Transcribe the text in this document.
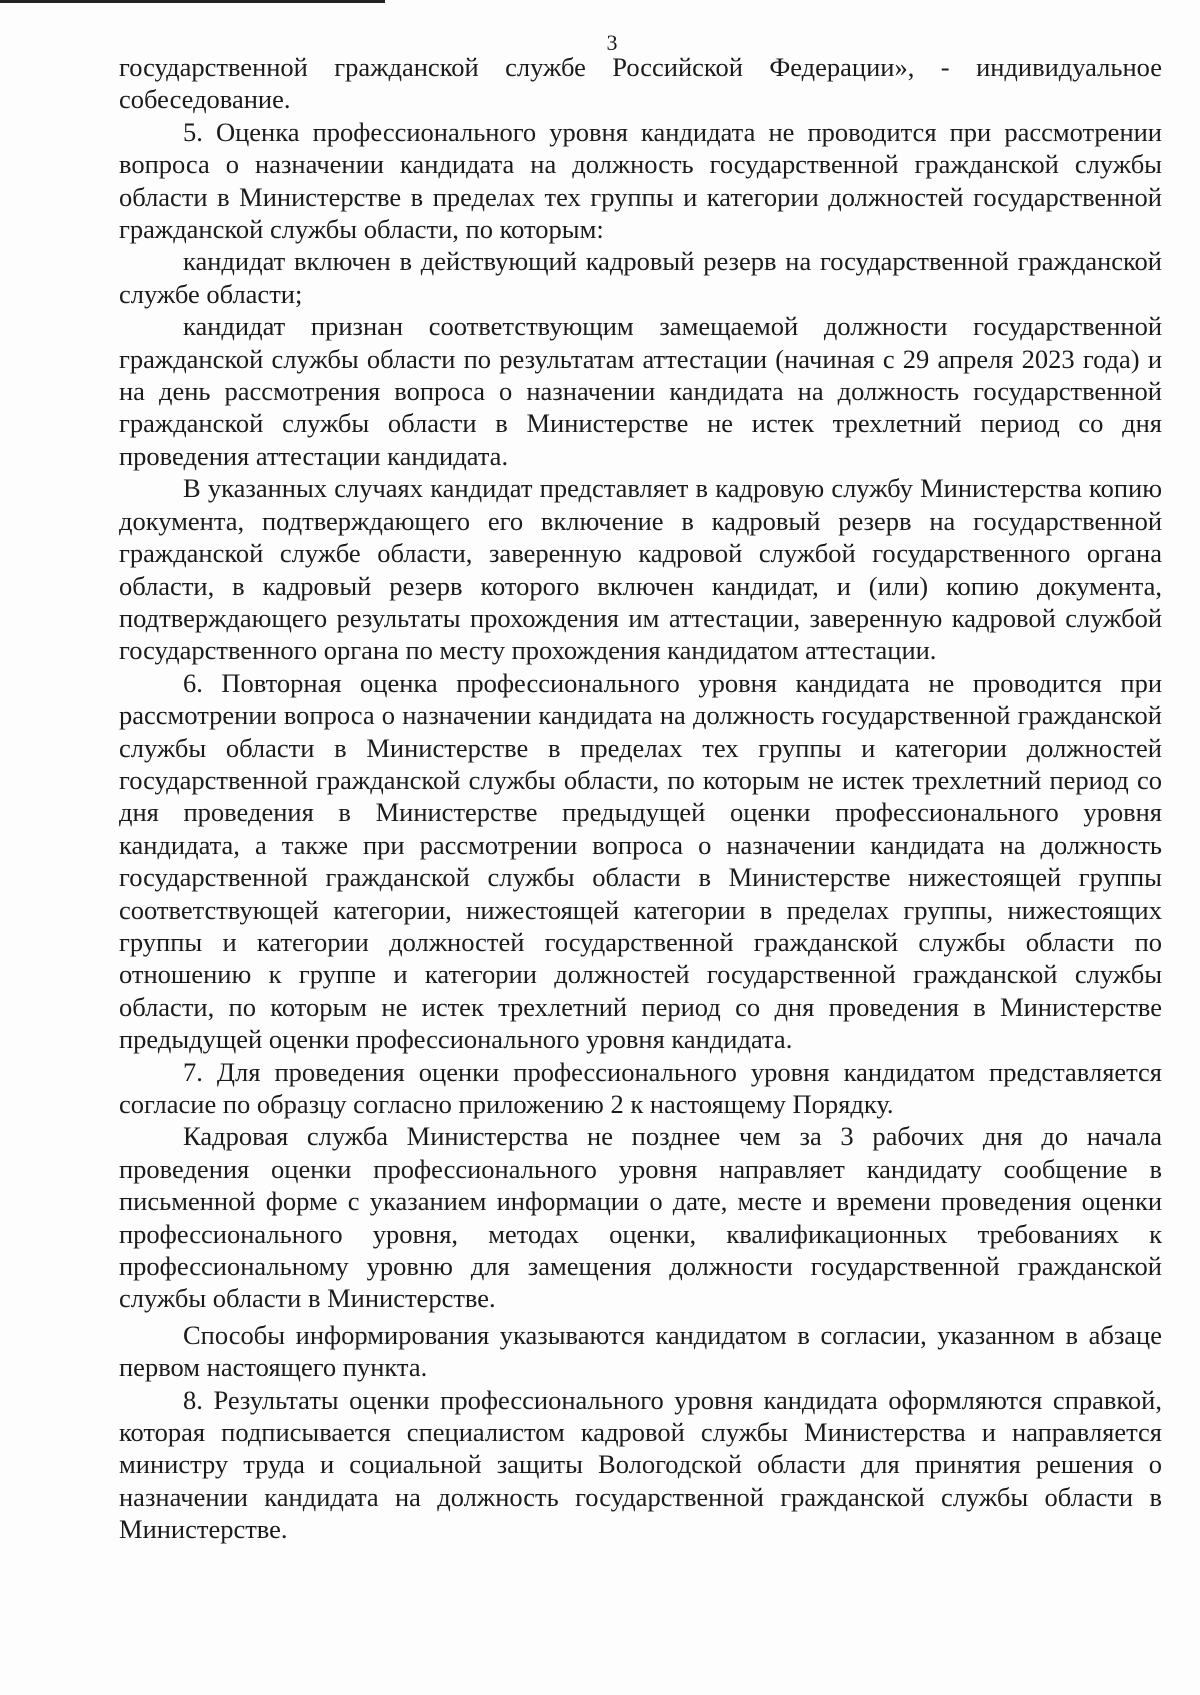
3

государственной гражданской службе Российской Федерации», - индивидуальное собеседование.

5. Оценка профессионального уровня кандидата не проводится при рассмотрении вопроса о назначении кандидата на должность государственной гражданской службы области в Министерстве в пределах тех группы и категории должностей государственной гражданской службы области, по которым:

кандидат включен в действующий кадровый резерв на государственной гражданской службе области;

кандидат признан соответствующим замещаемой должности государственной гражданской службы области по результатам аттестации (начиная с 29 апреля 2023 года) и на день рассмотрения вопроса о назначении кандидата на должность государственной гражданской службы области в Министерстве не истек трехлетний период со дня проведения аттестации кандидата.

В указанных случаях кандидат представляет в кадровую службу Министерства копию документа, подтверждающего его включение в кадровый резерв на государственной гражданской службе области, заверенную кадровой службой государственного органа области, в кадровый резерв которого включен кандидат, и (или) копию документа, подтверждающего результаты прохождения им аттестации, заверенную кадровой службой государственного органа по месту прохождения кандидатом аттестации.

6. Повторная оценка профессионального уровня кандидата не проводится при рассмотрении вопроса о назначении кандидата на должность государственной гражданской службы области в Министерстве в пределах тех группы и категории должностей государственной гражданской службы области, по которым не истек трехлетний период со дня проведения в Министерстве предыдущей оценки профессионального уровня кандидата, а также при рассмотрении вопроса о назначении кандидата на должность государственной гражданской службы области в Министерстве нижестоящей группы соответствующей категории, нижестоящей категории в пределах группы, нижестоящих группы и категории должностей государственной гражданской службы области по отношению к группе и категории должностей государственной гражданской службы области, по которым не истек трехлетний период со дня проведения в Министерстве предыдущей оценки профессионального уровня кандидата.

7. Для проведения оценки профессионального уровня кандидатом представляется согласие по образцу согласно приложению 2 к настоящему Порядку.

Кадровая служба Министерства не позднее чем за 3 рабочих дня до начала проведения оценки профессионального уровня направляет кандидату сообщение в письменной форме с указанием информации о дате, месте и времени проведения оценки профессионального уровня, методах оценки, квалификационных требованиях к профессиональному уровню для замещения должности государственной гражданской службы области в Министерстве.

Способы информирования указываются кандидатом в согласии, указанном в абзаце первом настоящего пункта.

8. Результаты оценки профессионального уровня кандидата оформляются справкой, которая подписывается специалистом кадровой службы Министерства и направляется министру труда и социальной защиты Вологодской области для принятия решения о назначении кандидата на должность государственной гражданской службы области в Министерстве.
